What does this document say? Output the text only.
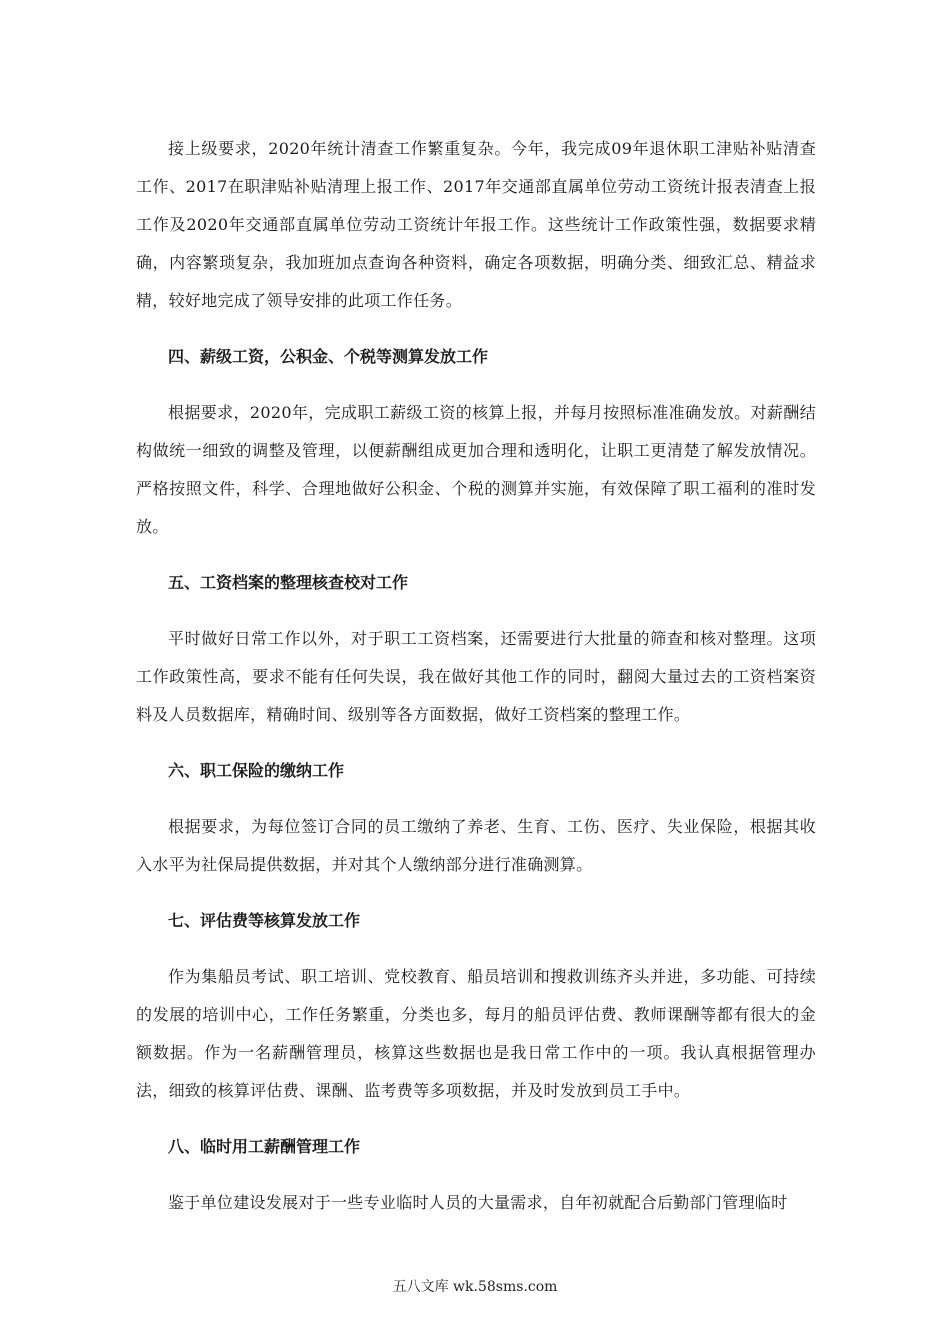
接上级要求，2020年统计清查工作繁重复杂。今年，我完成09年退休职工津贴补贴清查工作、2017在职津贴补贴清理上报工作、2017年交通部直属单位劳动工资统计报表清查上报工作及2020年交通部直属单位劳动工资统计年报工作。这些统计工作政策性强，数据要求精确，内容繁琐复杂，我加班加点查询各种资料，确定各项数据，明确分类、细致汇总、精益求精，较好地完成了领导安排的此项工作任务。

四、薪级工资，公积金、个税等测算发放工作

根据要求，2020年，完成职工薪级工资的核算上报，并每月按照标准准确发放。对薪酬结构做统一细致的调整及管理，以便薪酬组成更加合理和透明化，让职工更清楚了解发放情况。严格按照文件，科学、合理地做好公积金、个税的测算并实施，有效保障了职工福利的准时发放。

五、工资档案的整理核查校对工作

平时做好日常工作以外，对于职工工资档案，还需要进行大批量的筛查和核对整理。这项工作政策性高，要求不能有任何失误，我在做好其他工作的同时，翻阅大量过去的工资档案资料及人员数据库，精确时间、级别等各方面数据，做好工资档案的整理工作。

六、职工保险的缴纳工作

根据要求，为每位签订合同的员工缴纳了养老、生育、工伤、医疗、失业保险，根据其收入水平为社保局提供数据，并对其个人缴纳部分进行准确测算。

七、评估费等核算发放工作

作为集船员考试、职工培训、党校教育、船员培训和搜救训练齐头并进，多功能、可持续的发展的培训中心，工作任务繁重，分类也多，每月的船员评估费、教师课酬等都有很大的金额数据。作为一名薪酬管理员，核算这些数据也是我日常工作中的一项。我认真根据管理办法，细致的核算评估费、课酬、监考费等多项数据，并及时发放到员工手中。

八、临时用工薪酬管理工作

鉴于单位建设发展对于一些专业临时人员的大量需求，自年初就配合后勤部门管理临时

五八文库 wk.58sms.com
